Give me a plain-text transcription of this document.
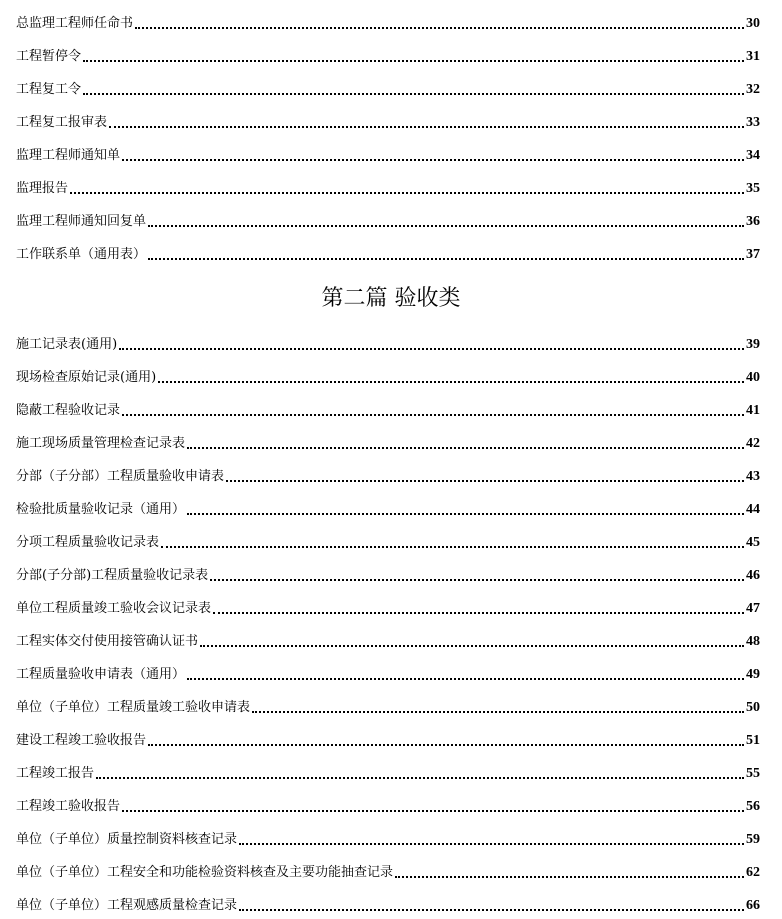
第二篇 验收类
总监理工程师任命书	30
工程暂停令	31
工程复工令	32
工程复工报审表	33
监理工程师通知单	34
监理报告	35
监理工程师通知回复单	36
工作联系单（通用表）	37
施工记录表(通用)	39
现场检查原始记录(通用)	40
隐蔽工程验收记录	41
施工现场质量管理检查记录表	42
分部（子分部）工程质量验收申请表	43
检验批质量验收记录（通用）	44
分项工程质量验收记录表	45
分部(子分部)工程质量验收记录表	46
单位工程质量竣工验收会议记录表	47
工程实体交付使用接管确认证书	48
工程质量验收申请表（通用）	49
单位（子单位）工程质量竣工验收申请表	50
建设工程竣工验收报告	51
工程竣工报告	55
工程竣工验收报告	56
单位（子单位）质量控制资料核查记录	59
单位（子单位）工程安全和功能检验资料核查及主要功能抽查记录	62
单位（子单位）工程观感质量检查记录	66
